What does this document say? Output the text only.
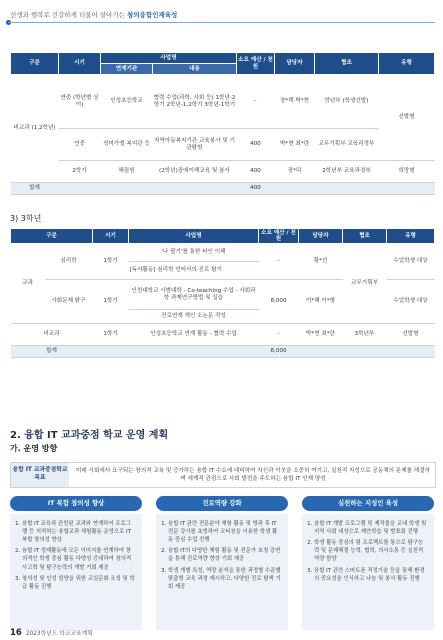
선생과 행복로 건강하게 더불어 살아가는 창의융합인재육성
구분	시기	사업명		소요 예산 / 천원	담당자	협조	유형
		연계기관	내용				
비교과 (1,2학년)	연중 (학년별 상이)	인성초등학교	협력 수업(과학, 사회 등) 1학년-2학기 2학년-1,2학기 3학년-1학기	-	장*택 박*현	학년부 (학생선발)	선발형
	연중	성미가엘 복지관 등	지역아동복지기관 교육봉사 및 기관탐방	400	박*현 최*란	교무기획부 교육과정부	
	2학기	해림원	(2학년)장애이해교육 및 봉사	400	장*덕	2학년부 교육과정부	희망형
합계				400			
3) 3학년
구분		시기	사업명	소요 예산 / 천원	담당자	협조	유형
교과	심리학	1학기	'나 팔기'를 통한 타인 이해	-	황*선	교무기획부	수업학생 대상
			[독서활동] 심리학 언어서의 진로 탐기				
	사회문제 탐구	1학기	인천대학교 사범대학 - Co-teaching 수업 - 사회과학 과제연구방법 및 실습	8,000	이*혜 이*형		수업학생 대상
			진로연계 개인 소논문 작성				
비교과		1학기	인성초등학교 연계 활동 - 협력 수업	-	박*현 최*란	3학년부	선발형
합계				8,000			
2. 융합 IT 교과중점 학교 운영 계획
가. 운영 방향
융합 IT 교과중점학교 목표
미래 사회에서 요구되는 창의적 교육 및 증가하는 융합 IT 수요에 대비하여 자신과 이웃을 소중히 여기고, 실천적 지성으로 공동체의 문제를 해결하며 세계적 관점으로 사회 발전을 주도하는 융합 IT 인재 양성
IT 복합 창의성 향상
1. 융합 IT 교육과 관련된 교과와 연계하여 프로그램 등 지적하는 융합교과 체험활동 운영으로 IT 복합 창의성 향상
2. 융합 IT 정제활동에 모든 이미지를 연계하여 창의적인 학생 중심 활동 다양성 증대하여 창의적 사고력 및 탐구능력의 개발 기회 제공
3. 창의성 및 인성 함양을 위한 교실문화 조성 및 학급 활동 진행
진로역량 강화
1. 융합 IT 관련 전문분야 체험 활동 및 방과 후 IT 전문 강사를 초빙하여 코티칭을 이용한 학생 활동 중심 수업 진행
2. 융합 IT의 다양한 체험 활동 및 전문가 초청 강연을 통해 진로역량 향상 기회 제공
3. 학생 개별 특성, 역량 분석을 통한 과정별 수준별 맞춤형 교육 과정 제시하고, 다양한 진로 탐색 기회 제공
실천하는 지성인 육성
1. 융합 IT 개발 프로그램 및 제작물을 교내 학생 및 지역 사회 대상으로 제안학습 및 발표회 진행
2. 학생 활동 중심의 팀 프로젝트를 통으로 탐구능력 및 문제해결 능력, 협력, 의사소통 등 실천적 역량 함양
3. 융합 IT 관련 스마트폰 적정기술 등을 통해 환경의 중요성을 인식하고 나눔 및 봉사 활동 진행
16 2023학년도 학교교육계획
